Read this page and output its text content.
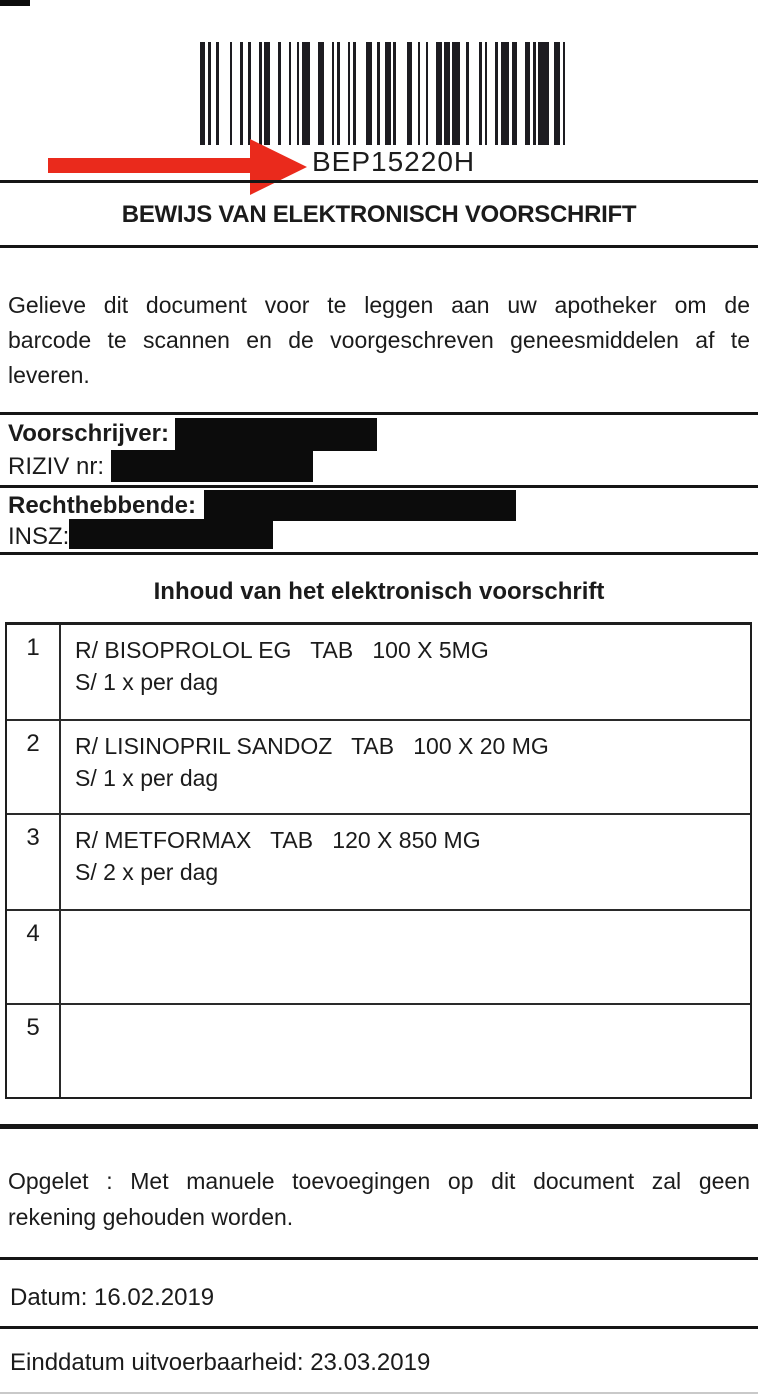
BEP15220H
BEWIJS VAN ELEKTRONISCH VOORSCHRIFT
Gelieve dit document voor te leggen aan uw apotheker om de
barcode te scannen en de voorgeschreven geneesmiddelen af te
leveren.
Voorschrijver:
RIZIV nr:
Rechthebbende:
INSZ:
Inhoud van het elektronisch voorschrift
1	R/ BISOPROLOL EG   TAB   100 X 5MG
S/ 1 x per dag
2	R/ LISINOPRIL SANDOZ   TAB   100 X 20 MG
S/ 1 x per dag
3	R/ METFORMAX   TAB   120 X 850 MG
S/ 2 x per dag
4
5
Opgelet : Met manuele toevoegingen op dit document zal geen
rekening gehouden worden.
Datum: 16.02.2019
Einddatum uitvoerbaarheid: 23.03.2019
